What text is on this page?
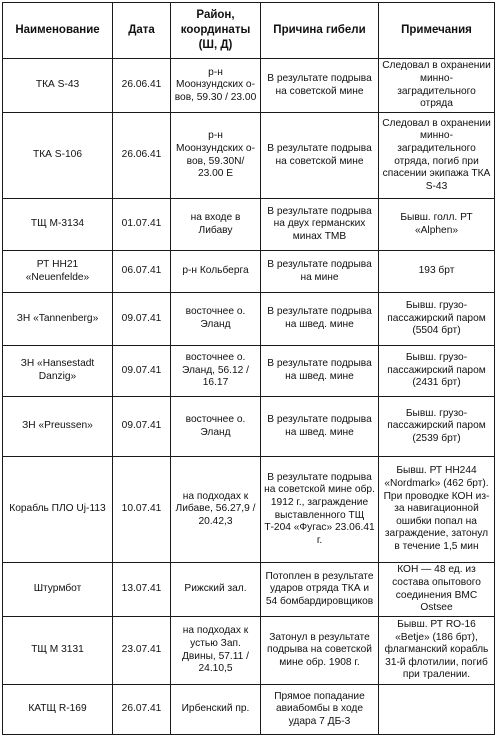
Наименование	Дата	Район, координаты (Ш, Д)	Причина гибели	Примечания
ТКА S-43	26.06.41	р-н Моонзундских о-вов, 59.30 / 23.00	В результате подрыва на советской мине	Следовал в охранении минно-заградительного отряда
ТКА S-106	26.06.41	р-н Моонзундских о-вов, 59.30N/ 23.00 E	В результате подрыва на советской мине	Следовал в охранении минно-заградительного отряда, погиб при спасении экипажа ТКА S-43
ТЩ М-3134	01.07.41	на входе в Либаву	В результате подрыва на двух германских минах ТМВ	Бывш. голл. РТ «Alphen»
РТ НН21 «Neuenfelde»	06.07.41	р-н Кольберга	В результате подрыва на мине	193 брт
ЗН «Tannenberg»	09.07.41	восточнее о. Эланд	В результате подрыва на швед. мине	Бывш. грузо-пассажирский паром (5504 брт)
ЗН «Hansestadt Danzig»	09.07.41	восточнее о. Эланд, 56.12 / 16.17	В результате подрыва на швед. мине	Бывш. грузо-пассажирский паром (2431 брт)
ЗН «Preussen»	09.07.41	восточнее о. Эланд	В результате подрыва на швед. мине	Бывш. грузо-пассажирский паром (2539 брт)
Корабль ПЛО Uj-113	10.07.41	на подходах к Либаве, 56.27,9 / 20.42,3	В результате подрыва на советской мине обр. 1912 г., заграждение выставленного ТЩ Т-204 «Фугас» 23.06.41 г.	Бывш. РТ НН244 «Nordmark» (462 брт). При проводке КОН из-за навигационной ошибки попал на заграждение, затонул в течение 1,5 мин
Штурмбот	13.07.41	Рижский зал.	Потоплен в результате ударов отряда ТКА и 54 бомбардировщиков	КОН — 48 ед. из состава опытового соединения ВМС Ostsee
ТЩ М 3131	23.07.41	на подходах к устью Зап. Двины, 57.11 / 24.10,5	Затонул в результате подрыва на советской мине обр. 1908 г.	Бывш. РТ RO-16 «Betje» (186 брт), флагманский корабль 31-й флотилии, погиб при тралении.
КАТЩ R-169	26.07.41	Ирбенский пр.	Прямое попадание авиабомбы в ходе удара 7 ДБ-3	
